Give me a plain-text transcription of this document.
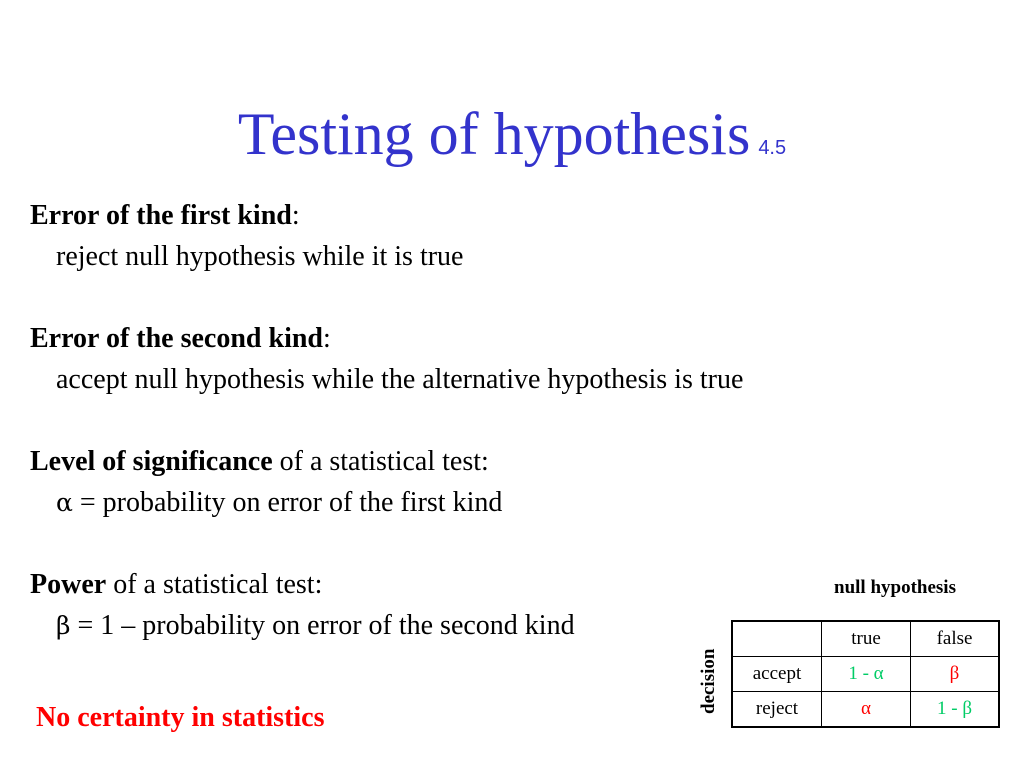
Testing of hypothesis 4.5
Error of the first kind:
reject null hypothesis while it is true
Error of the second kind:
accept null hypothesis while the alternative hypothesis is true
Level of significance of a statistical test:
α = probability on error of the first kind
Power of a statistical test:
β = 1 – probability on error of the second kind
No certainty in statistics
null hypothesis
decision
	true	false
accept	1 - α	β
reject	α	1 - β
